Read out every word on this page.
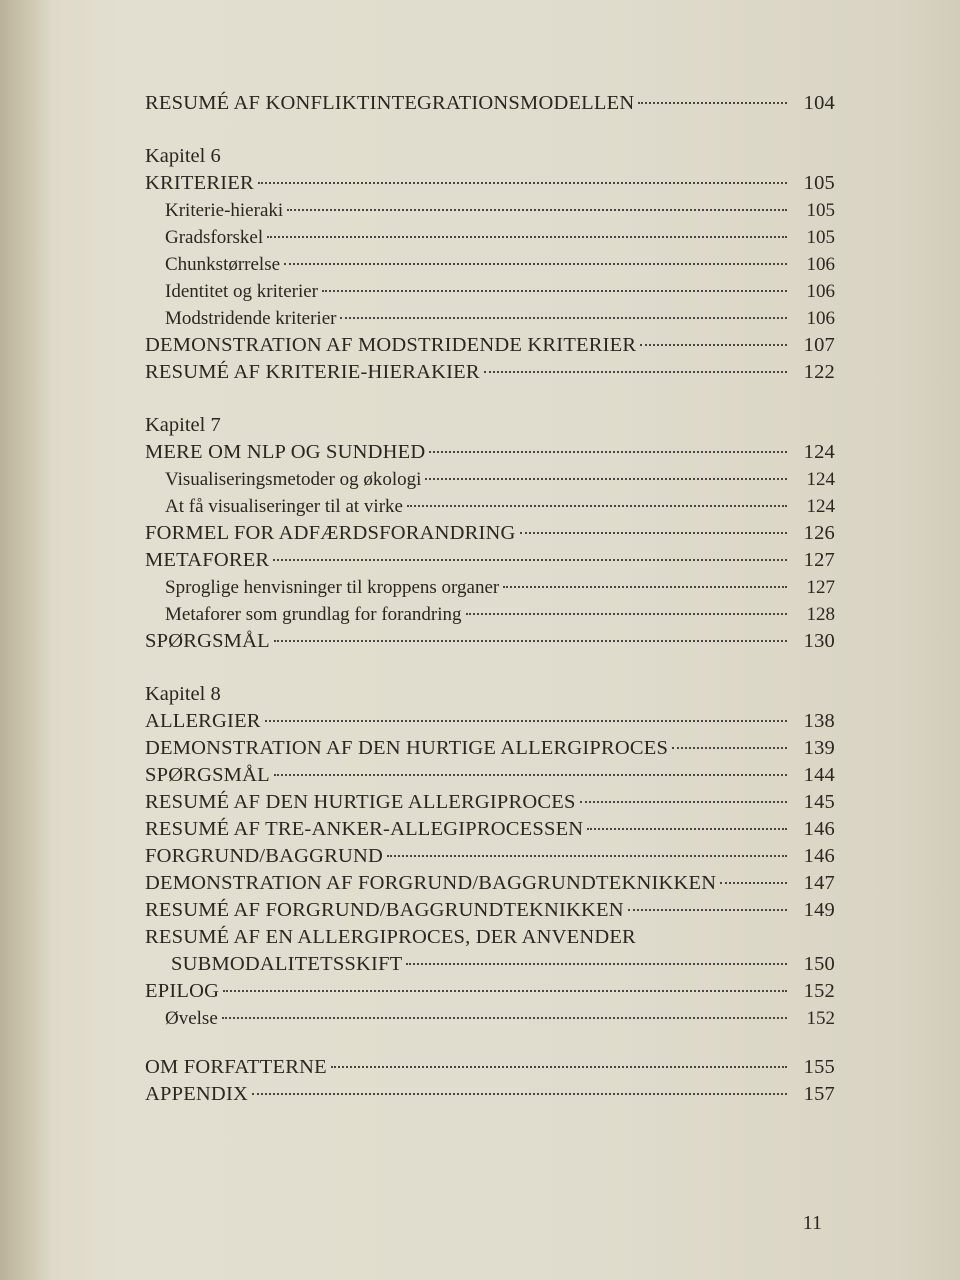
RESUMÉ AF KONFLIKTINTEGRATIONSMODELLEN	104
Kapitel 6
KRITERIER	105
Kriterie-hieraki	105
Gradsforskel	105
Chunkstørrelse	106
Identitet og kriterier	106
Modstridende kriterier	106
DEMONSTRATION AF MODSTRIDENDE KRITERIER	107
RESUMÉ AF KRITERIE-HIERAKIER	122
Kapitel 7
MERE OM NLP OG SUNDHED	124
Visualiseringsmetoder og økologi	124
At få visualiseringer til at virke	124
FORMEL FOR ADFÆRDSFORANDRING	126
METAFORER	127
Sproglige henvisninger til kroppens organer	127
Metaforer som grundlag for forandring	128
SPØRGSMÅL	130
Kapitel 8
ALLERGIER	138
DEMONSTRATION AF DEN HURTIGE ALLERGIPROCES	139
SPØRGSMÅL	144
RESUMÉ AF DEN HURTIGE ALLERGIPROCES	145
RESUMÉ AF TRE-ANKER-ALLEGIPROCESSEN	146
FORGRUND/BAGGRUND	146
DEMONSTRATION AF FORGRUND/BAGGRUNDTEKNIKKEN	147
RESUMÉ AF FORGRUND/BAGGRUNDTEKNIKKEN	149
RESUMÉ AF EN ALLERGIPROCES, DER ANVENDER
SUBMODALITETSSKIFT	150
EPILOG	152
Øvelse	152
OM FORFATTERNE	155
APPENDIX	157
11
